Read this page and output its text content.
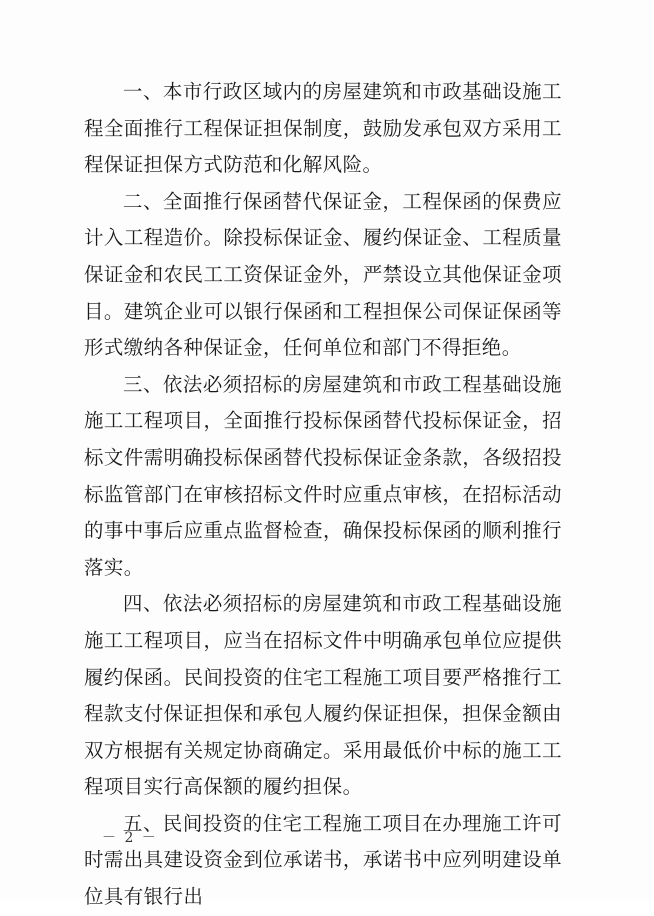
一、本市行政区域内的房屋建筑和市政基础设施工程全面推行工程保证担保制度，鼓励发承包双方采用工程保证担保方式防范和化解风险。

二、全面推行保函替代保证金，工程保函的保费应计入工程造价。除投标保证金、履约保证金、工程质量保证金和农民工工资保证金外，严禁设立其他保证金项目。建筑企业可以银行保函和工程担保公司保证保函等形式缴纳各种保证金，任何单位和部门不得拒绝。

三、依法必须招标的房屋建筑和市政工程基础设施施工工程项目，全面推行投标保函替代投标保证金，招标文件需明确投标保函替代投标保证金条款，各级招投标监管部门在审核招标文件时应重点审核，在招标活动的事中事后应重点监督检查，确保投标保函的顺利推行落实。

四、依法必须招标的房屋建筑和市政工程基础设施施工工程项目，应当在招标文件中明确承包单位应提供履约保函。民间投资的住宅工程施工项目要严格推行工程款支付保证担保和承包人履约保证担保，担保金额由双方根据有关规定协商确定。采用最低价中标的施工工程项目实行高保额的履约担保。

五、民间投资的住宅工程施工项目在办理施工许可时需出具建设资金到位承诺书，承诺书中应列明建设单位具有银行出

－ 2 －
